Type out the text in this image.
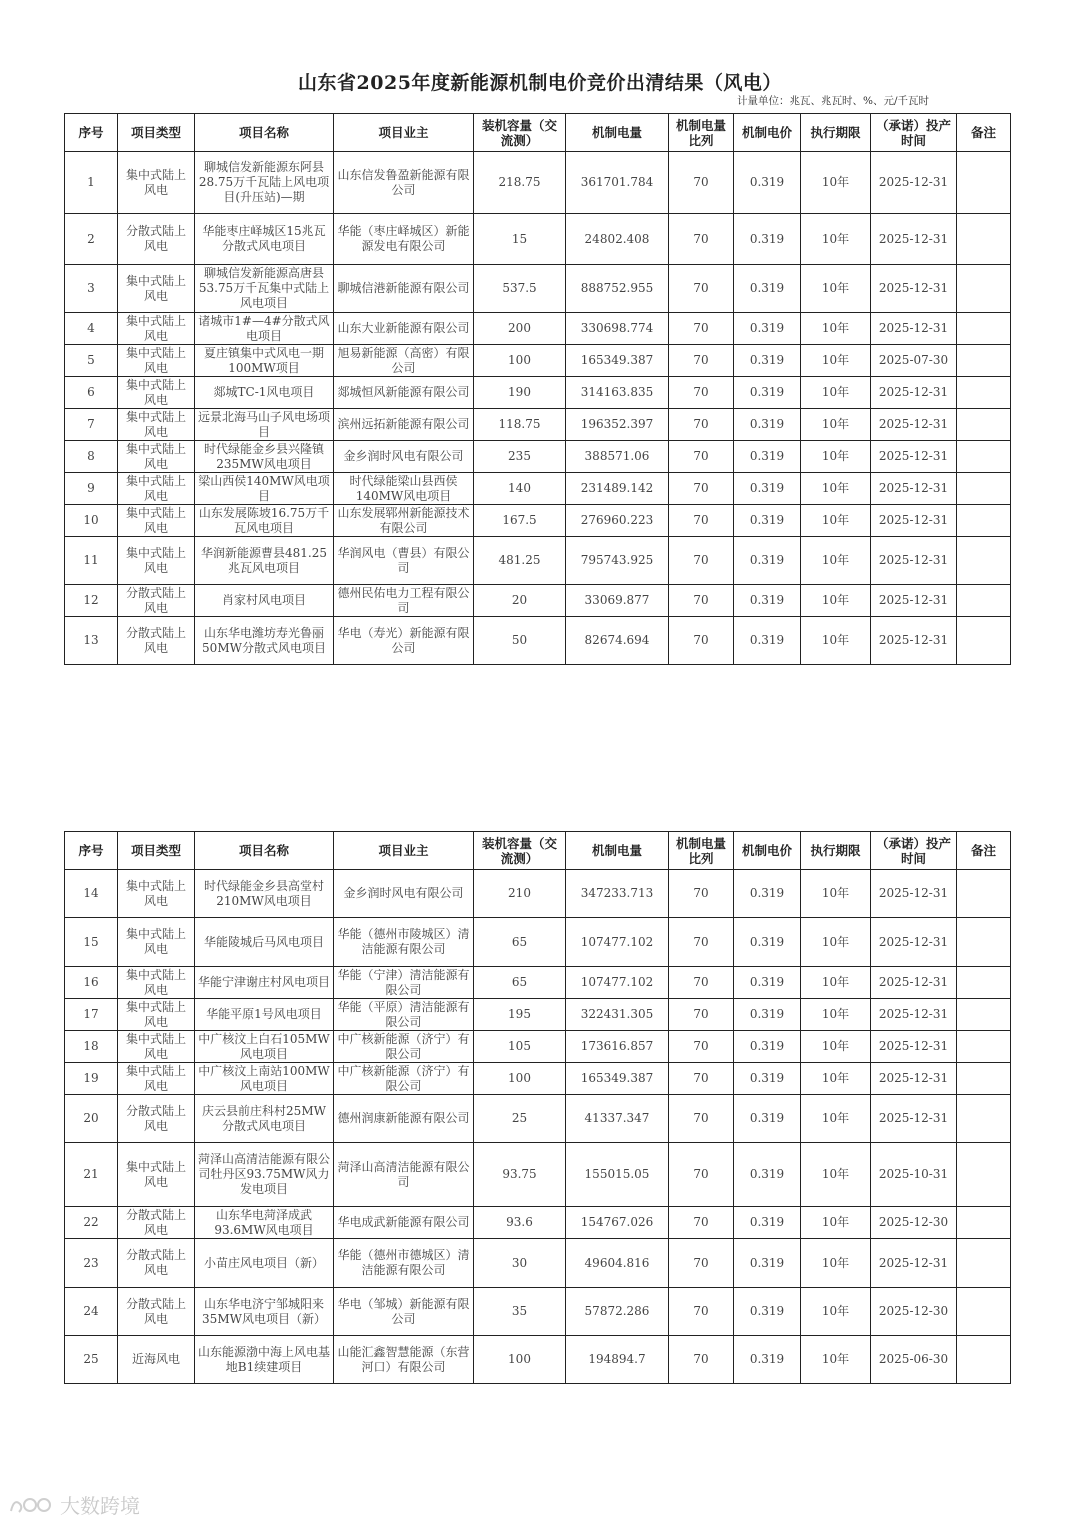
山东省2025年度新能源机制电价竞价出清结果（风电）
计量单位：兆瓦、兆瓦时、%、元/千瓦时
序号	项目类型	项目名称	项目业主	装机容量（交流测）	机制电量	机制电量比列	机制电价	执行期限	（承诺）投产时间	备注
1	集中式陆上风电	聊城信发新能源东阿县28.75万千瓦陆上风电项目(升压站)—期	山东信发鲁盈新能源有限公司	218.75	361701.784	70	0.319	10年	2025-12-31	
2	分散式陆上风电	华能枣庄峄城区15兆瓦分散式风电项目	华能（枣庄峄城区）新能源发电有限公司	15	24802.408	70	0.319	10年	2025-12-31	
3	集中式陆上风电	聊城信发新能源高唐县53.75万千瓦集中式陆上风电项目	聊城信港新能源有限公司	537.5	888752.955	70	0.319	10年	2025-12-31	
4	集中式陆上风电	诸城市1#—4#分散式风电项目	山东大业新能源有限公司	200	330698.774	70	0.319	10年	2025-12-31	
5	集中式陆上风电	夏庄镇集中式风电一期100MW项目	旭易新能源（高密）有限公司	100	165349.387	70	0.319	10年	2025-07-30	
6	集中式陆上风电	郯城TC-1风电项目	郯城恒风新能源有限公司	190	314163.835	70	0.319	10年	2025-12-31	
7	集中式陆上风电	远景北海马山子风电场项目	滨州远拓新能源有限公司	118.75	196352.397	70	0.319	10年	2025-12-31	
8	集中式陆上风电	时代绿能金乡县兴隆镇235MW风电项目	金乡润时风电有限公司	235	388571.06	70	0.319	10年	2025-12-31	
9	集中式陆上风电	梁山西侯140MW风电项目	时代绿能梁山县西侯140MW风电项目	140	231489.142	70	0.319	10年	2025-12-31	
10	集中式陆上风电	山东发展陈坡16.75万千瓦风电项目	山东发展郓州新能源技术有限公司	167.5	276960.223	70	0.319	10年	2025-12-31	
11	集中式陆上风电	华润新能源曹县481.25兆瓦风电项目	华润风电（曹县）有限公司	481.25	795743.925	70	0.319	10年	2025-12-31	
12	分散式陆上风电	肖家村风电项目	德州民佑电力工程有限公司	20	33069.877	70	0.319	10年	2025-12-31	
13	分散式陆上风电	山东华电潍坊寿光鲁丽50MW分散式风电项目	华电（寿光）新能源有限公司	50	82674.694	70	0.319	10年	2025-12-31	
序号	项目类型	项目名称	项目业主	装机容量（交流测）	机制电量	机制电量比列	机制电价	执行期限	（承诺）投产时间	备注
14	集中式陆上风电	时代绿能金乡县高堂村210MW风电项目	金乡润时风电有限公司	210	347233.713	70	0.319	10年	2025-12-31	
15	集中式陆上风电	华能陵城后马风电项目	华能（德州市陵城区）清洁能源有限公司	65	107477.102	70	0.319	10年	2025-12-31	
16	集中式陆上风电	华能宁津谢庄村风电项目	华能（宁津）清洁能源有限公司	65	107477.102	70	0.319	10年	2025-12-31	
17	集中式陆上风电	华能平原1号风电项目	华能（平原）清洁能源有限公司	195	322431.305	70	0.319	10年	2025-12-31	
18	集中式陆上风电	中广核汶上白石105MW风电项目	中广核新能源（济宁）有限公司	105	173616.857	70	0.319	10年	2025-12-31	
19	集中式陆上风电	中广核汶上南站100MW风电项目	中广核新能源（济宁）有限公司	100	165349.387	70	0.319	10年	2025-12-31	
20	分散式陆上风电	庆云县前庄科村25MW分散式风电项目	德州润康新能源有限公司	25	41337.347	70	0.319	10年	2025-12-31	
21	集中式陆上风电	菏泽山高清洁能源有限公司牡丹区93.75MW风力发电项目	菏泽山高清洁能源有限公司	93.75	155015.05	70	0.319	10年	2025-10-31	
22	分散式陆上风电	山东华电菏泽成武93.6MW风电项目	华电成武新能源有限公司	93.6	154767.026	70	0.319	10年	2025-12-30	
23	分散式陆上风电	小苗庄风电项目（新）	华能（德州市德城区）清洁能源有限公司	30	49604.816	70	0.319	10年	2025-12-31	
24	分散式陆上风电	山东华电济宁邹城阳来35MW风电项目（新）	华电（邹城）新能源有限公司	35	57872.286	70	0.319	10年	2025-12-30	
25	近海风电	山东能源渤中海上风电基地B1续建项目	山能汇鑫智慧能源（东营河口）有限公司	100	194894.7	70	0.319	10年	2025-06-30	
大数跨境
